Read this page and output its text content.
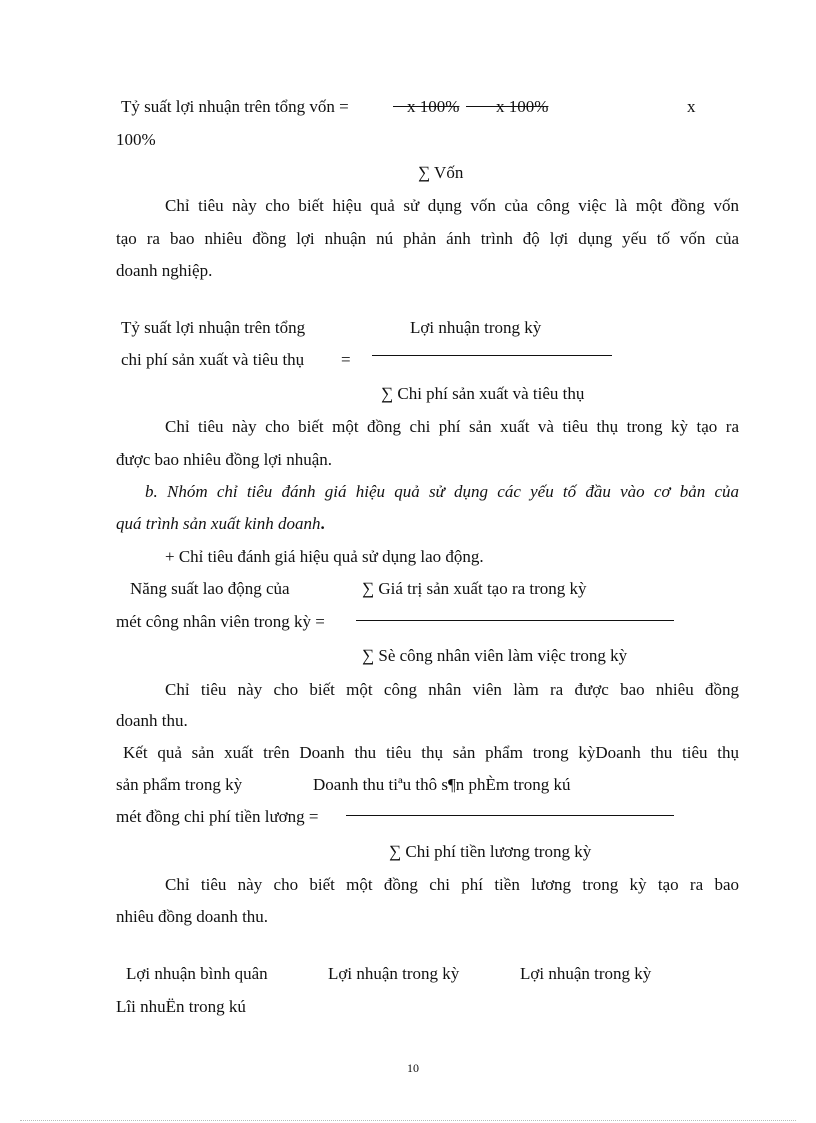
Tỷ suất lợi nhuận trên tổng vốn =	x 100% x 100%	x
100%
∑ Vốn
Chỉ tiêu này cho biết hiệu quả sử dụng vốn của công việc là một đồng vốn
tạo ra bao nhiêu đồng lợi nhuận nú phản ánh trình độ lợi dụng yếu tố vốn của
doanh nghiệp.
Tỷ suất lợi nhuận trên tổng	Lợi nhuận trong kỳ
chi phí sản xuất và tiêu thụ =
∑ Chi phí sản xuất và tiêu thụ
Chỉ tiêu này cho biết một đồng chi phí sản xuất và tiêu thụ trong kỳ tạo ra
được bao nhiêu đồng lợi nhuận.
b. Nhóm chỉ tiêu đánh giá hiệu quả sử dụng các yếu tố đầu vào cơ bản của
quá trình sản xuất kinh doanh.
+ Chỉ tiêu đánh giá hiệu quả sử dụng lao động.
Năng suất lao động của	∑ Giá trị sản xuất tạo ra trong kỳ
mét công nhân viên trong kỳ =
∑ Sè công nhân viên làm việc trong kỳ
Chỉ tiêu này cho biết một công nhân viên làm ra được bao nhiêu đồng
doanh thu.
Kết quả sản xuất trên Doanh thu tiêu thụ sản phẩm trong kỳDoanh thu tiêu thụ
sản phẩm trong kỳ	Doanh thu tiªu thô s¶n phÈm trong kú
mét đồng chi phí tiền lương =
∑ Chi phí tiền lương trong kỳ
Chỉ tiêu này cho biết một đồng chi phí tiền lương trong kỳ tạo ra bao
nhiêu đồng doanh thu.
Lợi nhuận bình quân	Lợi nhuận trong kỳ	Lợi nhuận trong kỳ
Lîi nhuËn trong kú
10
